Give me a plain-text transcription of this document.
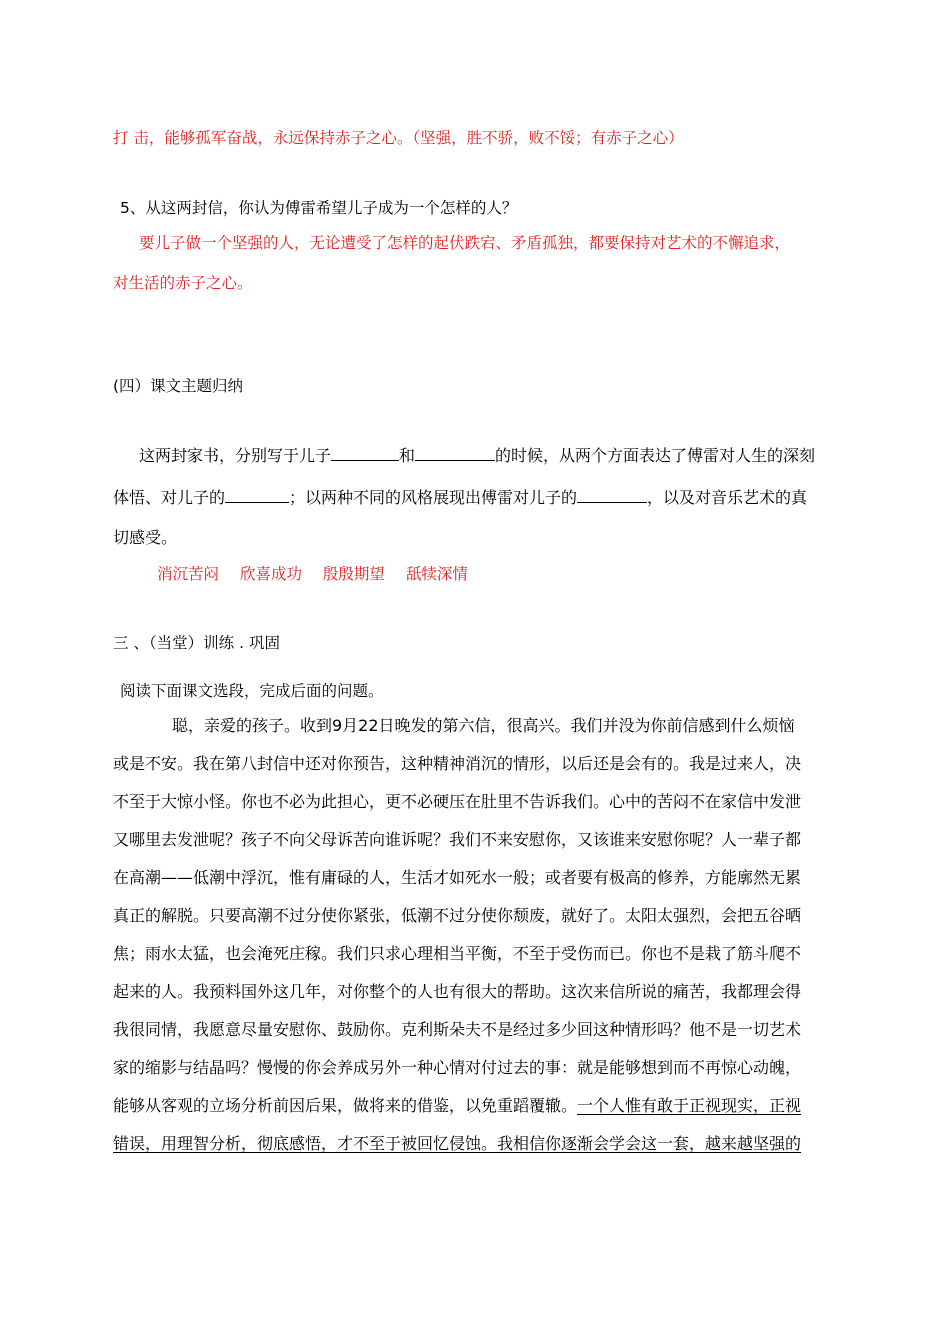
打 击，能够孤军奋战，永远保持赤子之心。（坚强，胜不骄，败不馁；有赤子之心）
5、从这两封信，你认为傅雷希望儿子成为一个怎样的人？
要儿子做一个坚强的人，无论遭受了怎样的起伏跌宕、矛盾孤独，都要保持对艺术的不懈追求，
对生活的赤子之心。
(四）课文主题归纳
这两封家书，分别写于儿子	和	的时候，从两个方面表达了傅雷对人生的深刻
体悟、对儿子的	；以两种不同的风格展现出傅雷对儿子的	，以及对音乐艺术的真
切感受。
消沉苦闷 欣喜成功 殷殷期望 舐犊深情
三 、（当堂）训练 . 巩固
阅读下面课文选段，完成后面的问题。
聪，亲爱的孩子。收到9月22日晚发的第六信，很高兴。我们并没为你前信感到什么烦恼
或是不安。我在第八封信中还对你预告，这种精神消沉的情形，以后还是会有的。我是过来人，决
不至于大惊小怪。你也不必为此担心，更不必硬压在肚里不告诉我们。心中的苦闷不在家信中发泄
又哪里去发泄呢？孩子不向父母诉苦向谁诉呢？我们不来安慰你，又该谁来安慰你呢？人一辈子都
在高潮——低潮中浮沉，惟有庸碌的人，生活才如死水一般；或者要有极高的修养，方能廓然无累
真正的解脱。只要高潮不过分使你紧张，低潮不过分使你颓废，就好了。太阳太强烈，会把五谷晒
焦；雨水太猛，也会淹死庄稼。我们只求心理相当平衡，不至于受伤而已。你也不是栽了筋斗爬不
起来的人。我预料国外这几年，对你整个的人也有很大的帮助。这次来信所说的痛苦，我都理会得
我很同情，我愿意尽量安慰你、鼓励你。克利斯朵夫不是经过多少回这种情形吗？他不是一切艺术
家的缩影与结晶吗？慢慢的你会养成另外一种心情对付过去的事：就是能够想到而不再惊心动魄，
能够从客观的立场分析前因后果，做将来的借鉴，以免重蹈覆辙。一个人惟有敢于正视现实，正视
错误，用理智分析，彻底感悟，才不至于被回忆侵蚀。我相信你逐渐会学会这一套，越来越坚强的
